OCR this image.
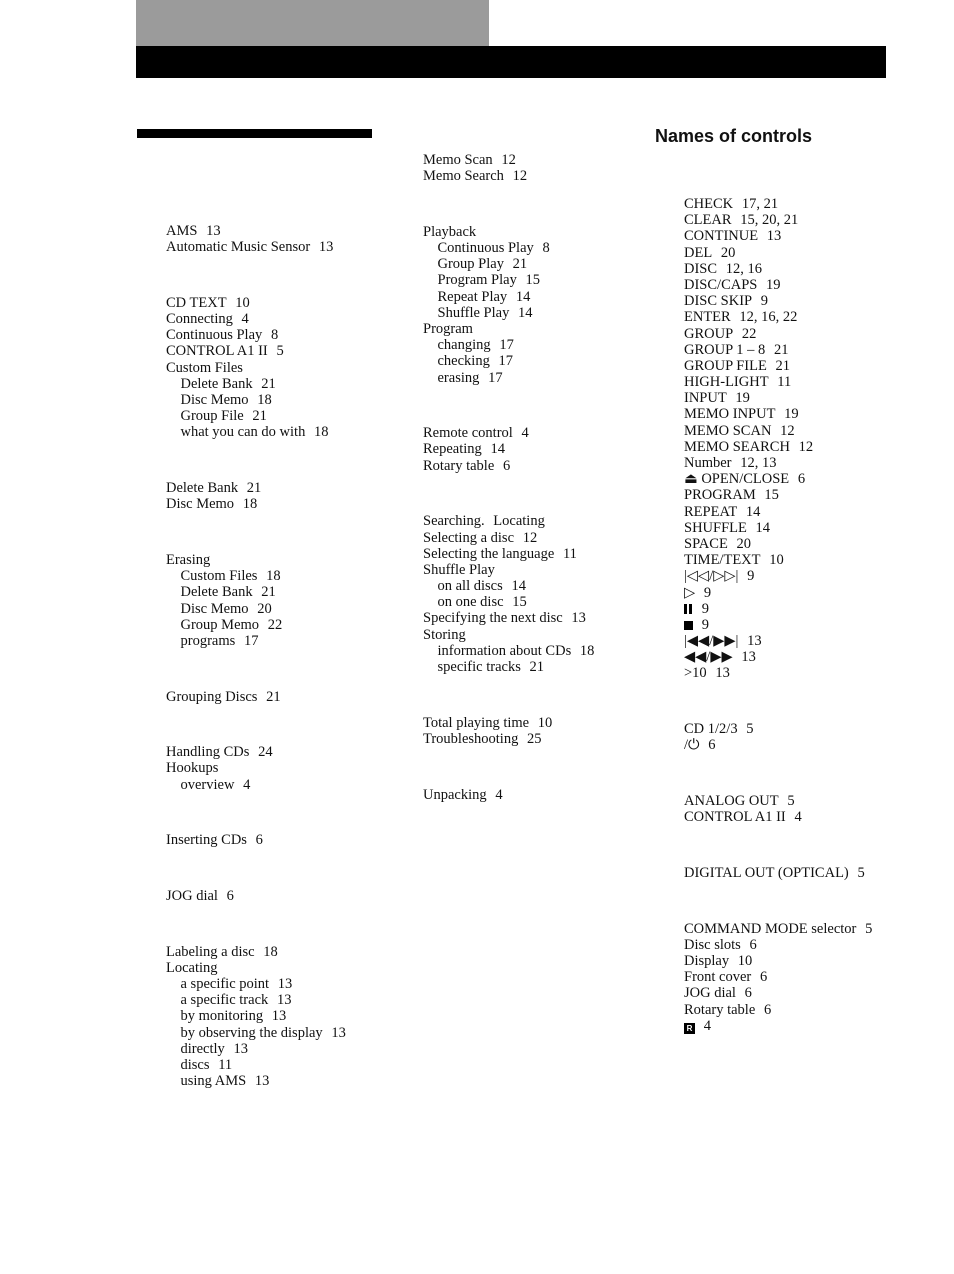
Names of controls
AMS 13
Automatic Music Sensor 13
CD TEXT 10
Connecting 4
Continuous Play 8
CONTROL A1 II 5
Custom Files
Delete Bank 21
Disc Memo 18
Group File 21
what you can do with 18
Delete Bank 21
Disc Memo 18
Erasing
Custom Files 18
Delete Bank 21
Disc Memo 20
Group Memo 22
programs 17
Grouping Discs 21
Handling CDs 24
Hookups
overview 4
Inserting CDs 6
JOG dial 6
Labeling a disc 18
Locating
a specific point 13
a specific track 13
by monitoring 13
by observing the display 13
directly 13
discs 11
using AMS 13
Memo Scan 12
Memo Search 12
Playback
Continuous Play 8
Group Play 21
Program Play 15
Repeat Play 14
Shuffle Play 14
Program
changing 17
checking 17
erasing 17
Remote control 4
Repeating 14
Rotary table 6
Searching. Locating
Selecting a disc 12
Selecting the language 11
Shuffle Play
on all discs 14
on one disc 15
Specifying the next disc 13
Storing
information about CDs 18
specific tracks 21
Total playing time 10
Troubleshooting 25
Unpacking 4
CHECK 17, 21
CLEAR 15, 20, 21
CONTINUE 13
DEL 20
DISC 12, 16
DISC/CAPS 19
DISC SKIP 9
ENTER 12, 16, 22
GROUP 22
GROUP 1 – 8 21
GROUP FILE 21
HIGH-LIGHT 11
INPUT 19
MEMO INPUT 19
MEMO SCAN 12
MEMO SEARCH 12
Number 12, 13
⏏ OPEN/CLOSE 6
PROGRAM 15
REPEAT 14
SHUFFLE 14
SPACE 20
TIME/TEXT 10
|◁◁/▷▷| 9
▷ 9
9
9
|◀◀/▶▶| 13
◀◀/▶▶ 13
>10 13
CD 1/2/3 5
/⏻ 6
ANALOG OUT 5
CONTROL A1 II 4
DIGITAL OUT (OPTICAL) 5
COMMAND MODE selector 5
Disc slots 6
Display 10
Front cover 6
JOG dial 6
Rotary table 6
R 4
